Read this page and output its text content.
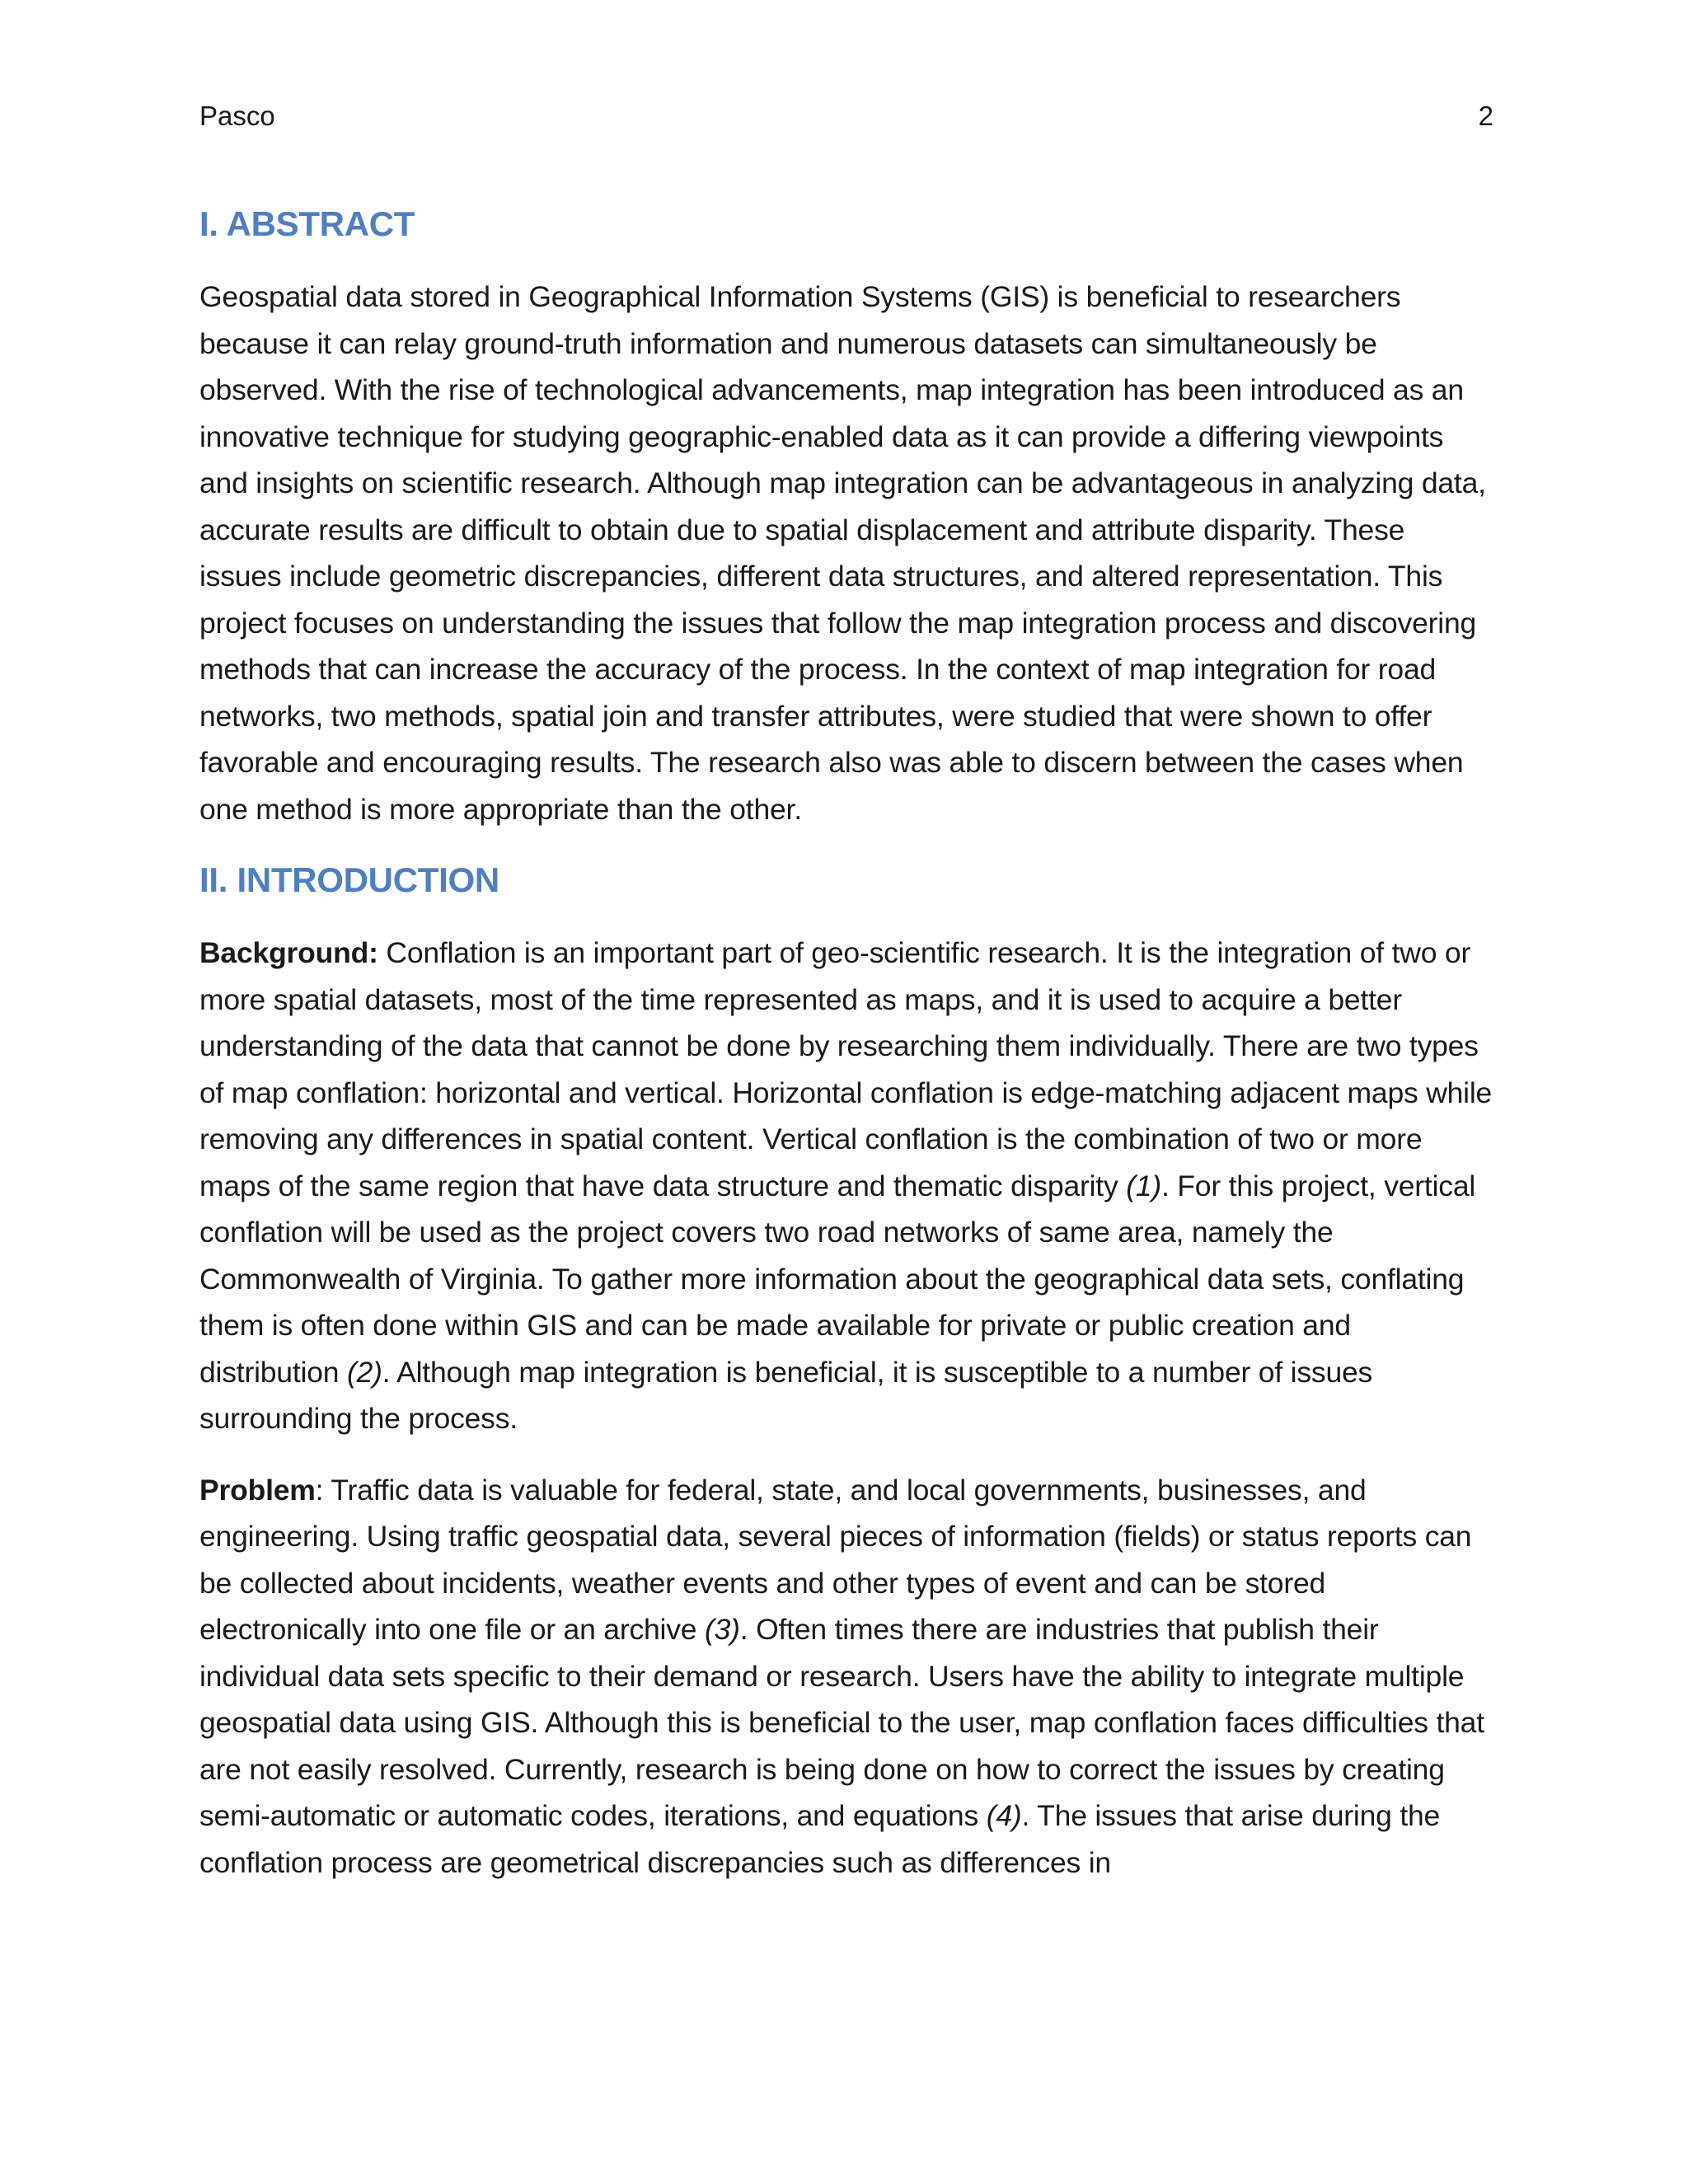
Pasco	2
I. ABSTRACT

Geospatial data stored in Geographical Information Systems (GIS) is beneficial to researchers because it can relay ground-truth information and numerous datasets can simultaneously be observed. With the rise of technological advancements, map integration has been introduced as an innovative technique for studying geographic-enabled data as it can provide a differing viewpoints and insights on scientific research. Although map integration can be advantageous in analyzing data, accurate results are difficult to obtain due to spatial displacement and attribute disparity. These issues include geometric discrepancies, different data structures, and altered representation. This project focuses on understanding the issues that follow the map integration process and discovering methods that can increase the accuracy of the process. In the context of map integration for road networks, two methods, spatial join and transfer attributes, were studied that were shown to offer favorable and encouraging results. The research also was able to discern between the cases when one method is more appropriate than the other.

II. INTRODUCTION

Background: Conflation is an important part of geo-scientific research. It is the integration of two or more spatial datasets, most of the time represented as maps, and it is used to acquire a better understanding of the data that cannot be done by researching them individually. There are two types of map conflation: horizontal and vertical. Horizontal conflation is edge-matching adjacent maps while removing any differences in spatial content. Vertical conflation is the combination of two or more maps of the same region that have data structure and thematic disparity (1). For this project, vertical conflation will be used as the project covers two road networks of same area, namely the Commonwealth of Virginia. To gather more information about the geographical data sets, conflating them is often done within GIS and can be made available for private or public creation and distribution (2). Although map integration is beneficial, it is susceptible to a number of issues surrounding the process.

Problem: Traffic data is valuable for federal, state, and local governments, businesses, and engineering. Using traffic geospatial data, several pieces of information (fields) or status reports can be collected about incidents, weather events and other types of event and can be stored electronically into one file or an archive (3). Often times there are industries that publish their individual data sets specific to their demand or research. Users have the ability to integrate multiple geospatial data using GIS. Although this is beneficial to the user, map conflation faces difficulties that are not easily resolved. Currently, research is being done on how to correct the issues by creating semi-automatic or automatic codes, iterations, and equations (4). The issues that arise during the conflation process are geometrical discrepancies such as differences in
